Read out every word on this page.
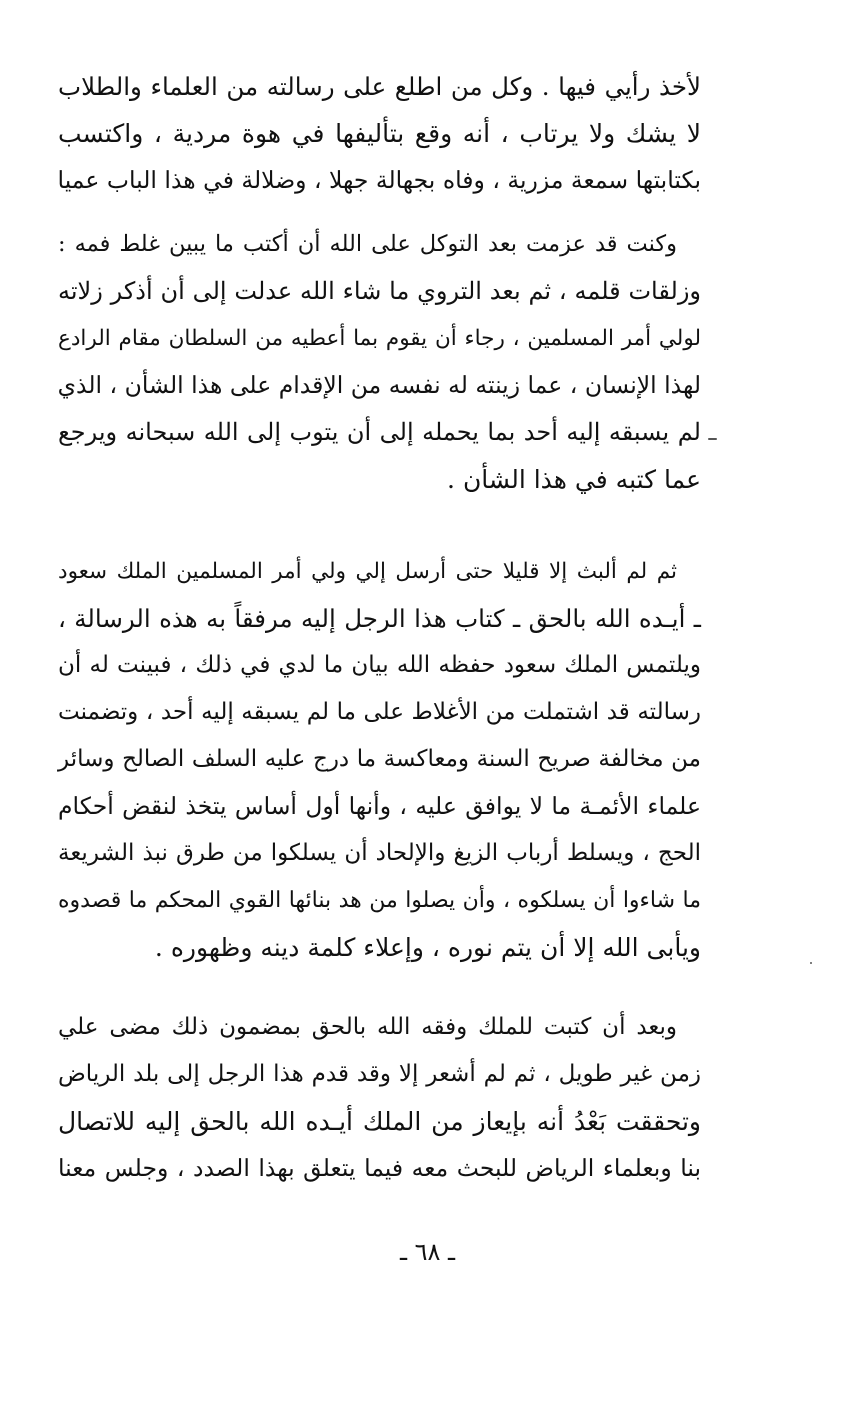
لأخذ رأيي فيها . وكل من اطلع على رسالته من العلماء والطلاب
لا يشك ولا يرتاب ، أنه وقع بتأليفها في هوة مردية ، واكتسب
بكتابتها سمعة مزرية ، وفاه بجهالة جهلا ، وضلالة في هذا الباب عميا
وكنت قد عزمت بعد التوكل على الله أن أكتب ما يبين غلط فمه :
وزلقات قلمه ، ثم بعد التروي ما شاء الله عدلت إلى أن أذكر زلاته
لولي أمر المسلمين ، رجاء أن يقوم بما أعطيه من السلطان مقام الرادع
لهذا الإنسان ، عما زينته له نفسه من الإقدام على هذا الشأن ، الذي
لم يسبقه إليه أحد بما يحمله إلى أن يتوب إلى الله سبحانه ويرجع
عما كتبه في هذا الشأن .
ثم لم ألبث إلا قليلا حتى أرسل إلي ولي أمر المسلمين الملك سعود
ـ أيـده الله بالحق ـ كتاب هذا الرجل إليه مرفقاً به هذه الرسالة ،
ويلتمس الملك سعود حفظه الله بيان ما لدي في ذلك ، فبينت له أن
رسالته قد اشتملت من الأغلاط على ما لم يسبقه إليه أحد ، وتضمنت
من مخالفة صريح السنة ومعاكسة ما درج عليه السلف الصالح وسائر
علماء الأئمـة ما لا يوافق عليه ، وأنها أول أساس يتخذ لنقض أحكام
الحج ، ويسلط أرباب الزيغ والإلحاد أن يسلكوا من طرق نبذ الشريعة
ما شاءوا أن يسلكوه ، وأن يصلوا من هد بنائها القوي المحكم ما قصدوه
ويأبى الله إلا أن يتم نوره ، وإعلاء كلمة دينه وظهوره .
وبعد أن كتبت للملك وفقه الله بالحق بمضمون ذلك مضى علي
زمن غير طويل ، ثم لم أشعر إلا وقد قدم هذا الرجل إلى بلد الرياض
وتحققت بَعْدُ أنه بإيعاز من الملك أيـده الله بالحق إليه للاتصال
بنا وبعلماء الرياض للبحث معه فيما يتعلق بهذا الصدد ، وجلس معنا
ـ ٦٨ ـ
